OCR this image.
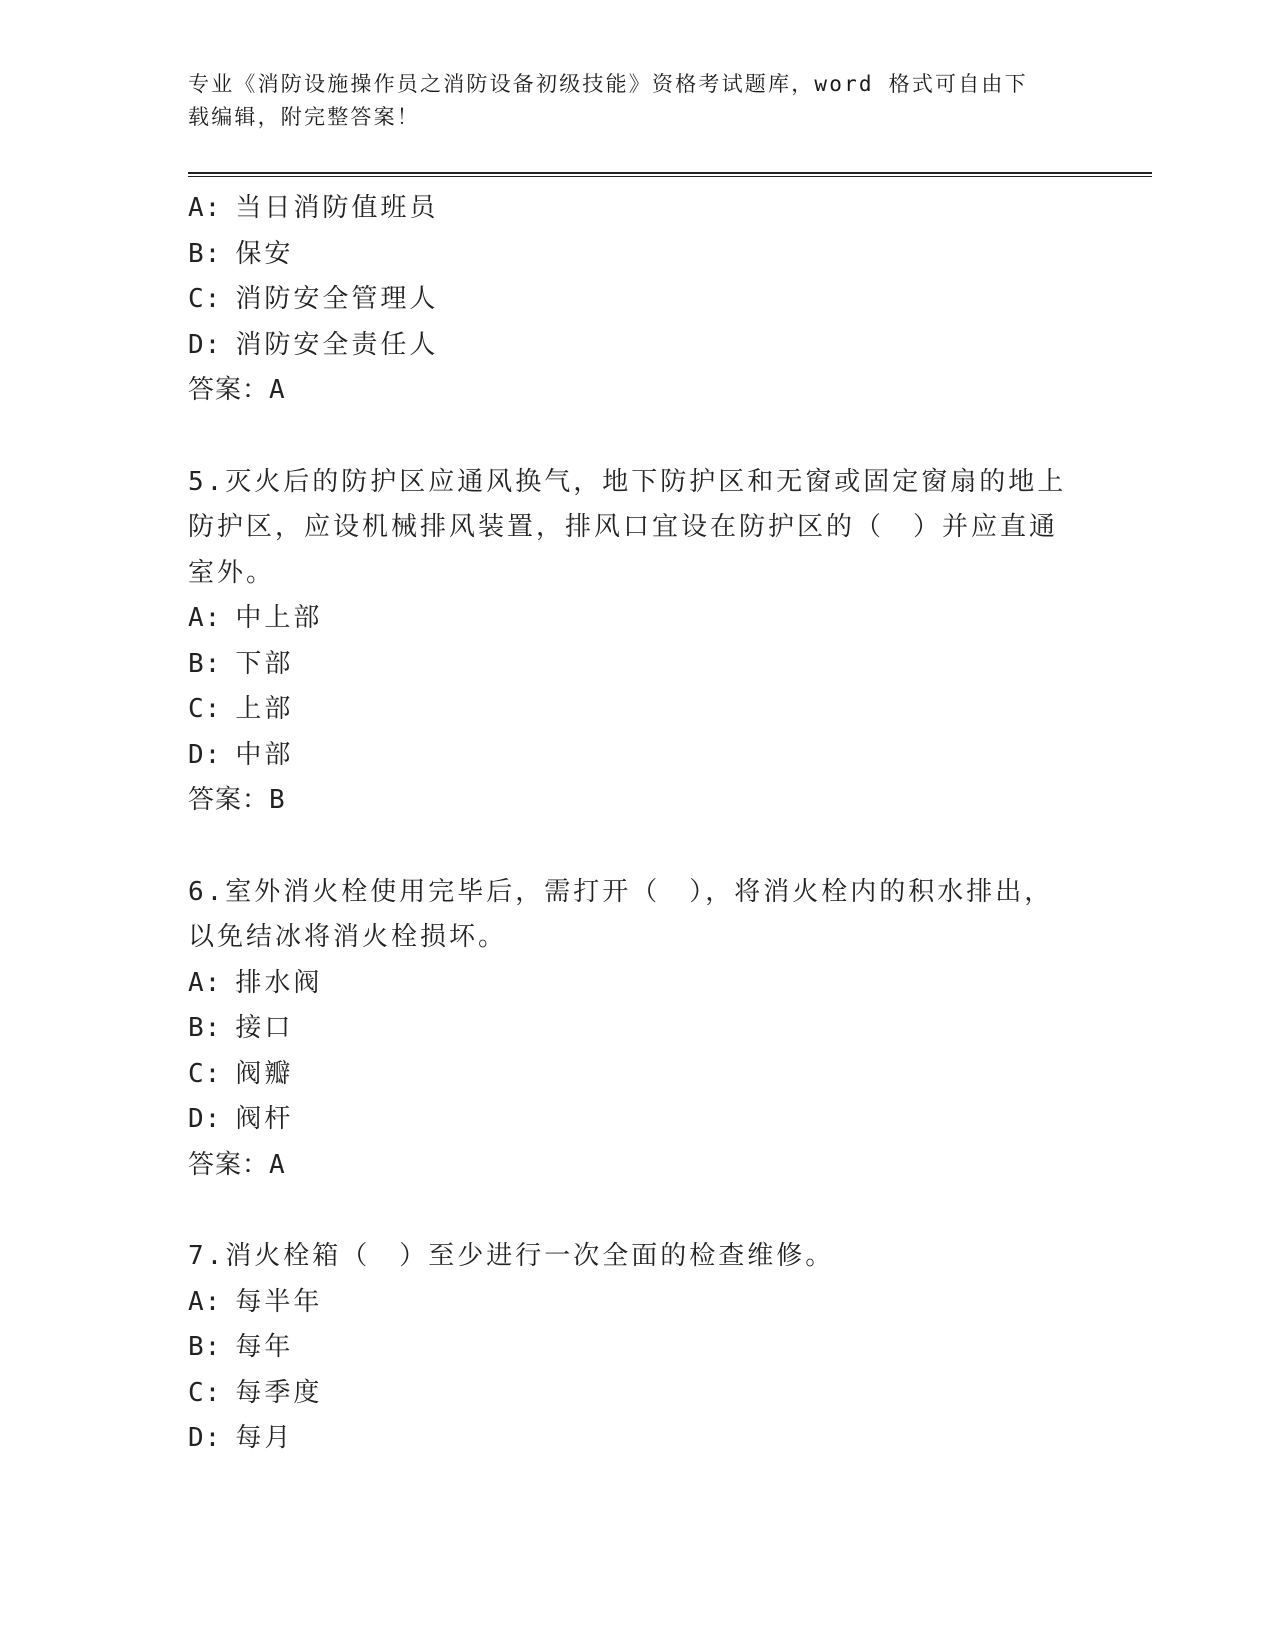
专业《消防设施操作员之消防设备初级技能》资格考试题库，word 格式可自由下
载编辑，附完整答案！
A: 当日消防值班员
B: 保安
C: 消防安全管理人
D: 消防安全责任人
答案：A
5.灭火后的防护区应通风换气，地下防护区和无窗或固定窗扇的地上
防护区，应设机械排风装置，排风口宜设在防护区的（　）并应直通
室外。
A: 中上部
B: 下部
C: 上部
D: 中部
答案：B
6.室外消火栓使用完毕后，需打开（　），将消火栓内的积水排出，
以免结冰将消火栓损坏。
A: 排水阀
B: 接口
C: 阀瓣
D: 阀杆
答案：A
7.消火栓箱（　）至少进行一次全面的检查维修。
A: 每半年
B: 每年
C: 每季度
D: 每月
